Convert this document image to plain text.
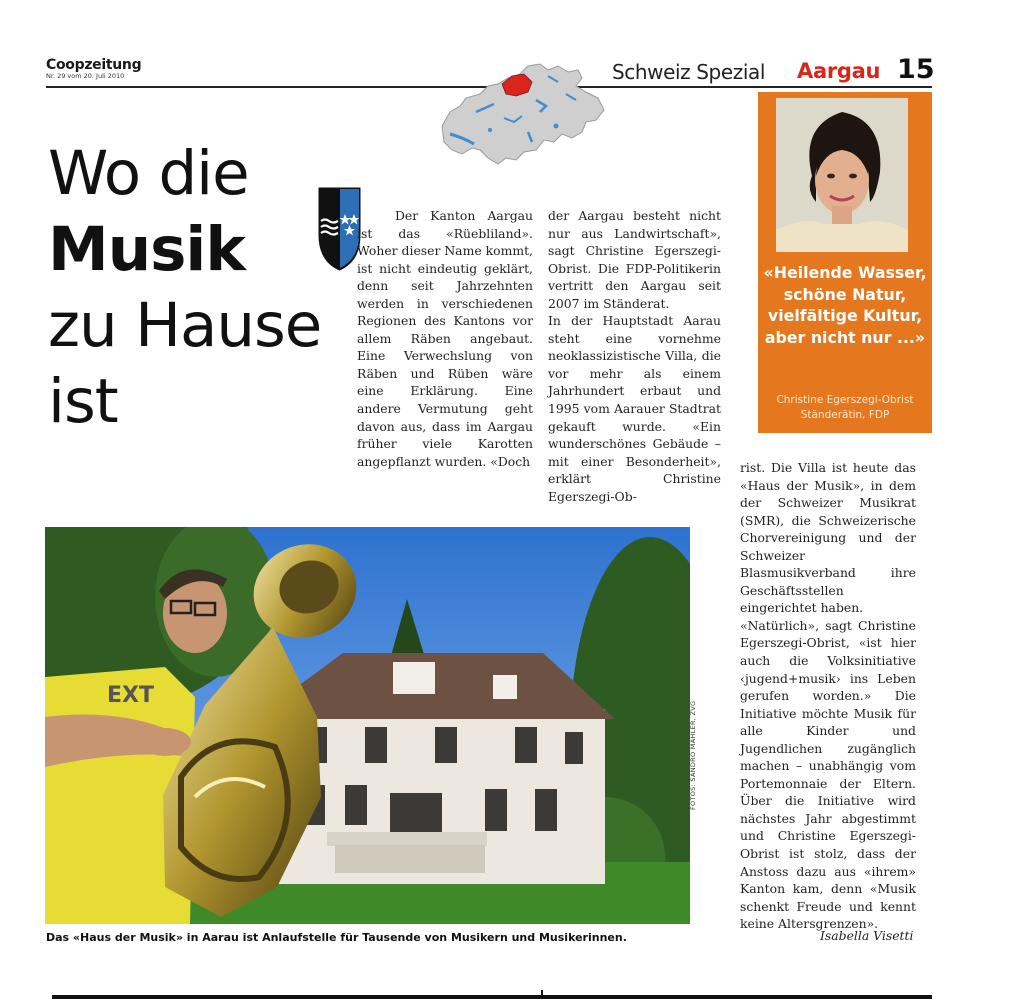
Coopzeitung
Nr. 29 vom 20. Juli 2010	Schweiz Spezial Aargau 15
Wo die
Musik
zu Hause
ist

Der Kanton Aargau ist das «Rüebliland». Woher dieser Name kommt, ist nicht eindeutig geklärt, denn seit Jahrzehnten werden in verschiedenen Regionen des Kantons vor allem Räben angebaut. Eine Verwechslung von Räben und Rüben wäre eine Erklärung. Eine andere Vermutung geht davon aus, dass im Aargau früher viele Karotten angepflanzt wurden. «Doch

der Aargau besteht nicht nur aus Landwirtschaft», sagt Christine Egerszegi-Obrist. Die FDP-Politikerin vertritt den Aargau seit 2007 im Ständerat.

In der Hauptstadt Aarau steht eine vornehme neoklassizistische Villa, die vor mehr als einem Jahrhundert erbaut und 1995 vom Aarauer Stadtrat gekauft wurde. «Ein wunderschönes Gebäude – mit einer Besonderheit», erklärt Christine Egerszegi-Ob-

rist. Die Villa ist heute das «Haus der Musik», in dem der Schweizer Musikrat (SMR), die Schweizerische Chorvereinigung und der Schweizer Blasmusikverband ihre Geschäftsstellen eingerichtet haben.

«Natürlich», sagt Christine Egerszegi-Obrist, «ist hier auch die Volksinitiative ‹jugend+musik› ins Leben gerufen worden.» Die Initiative möchte Musik für alle Kinder und Jugendlichen zugänglich machen – unabhängig vom Portemonnaie der Eltern. Über die Initiative wird nächstes Jahr abgestimmt und Christine Egerszegi-Obrist ist stolz, dass der Anstoss dazu aus «ihrem» Kanton kam, denn «Musik schenkt Freude und kennt keine Altersgrenzen».

Isabella Visetti
«Heilende Wasser, schöne Natur, vielfältige Kultur, aber nicht nur ...»
Christine Egerszegi-Obrist
Ständerätin, FDP
EXT
FOTOS: SANDRO MAHLER, ZVG
Das «Haus der Musik» in Aarau ist Anlaufstelle für Tausende von Musikern und Musikerinnen.
